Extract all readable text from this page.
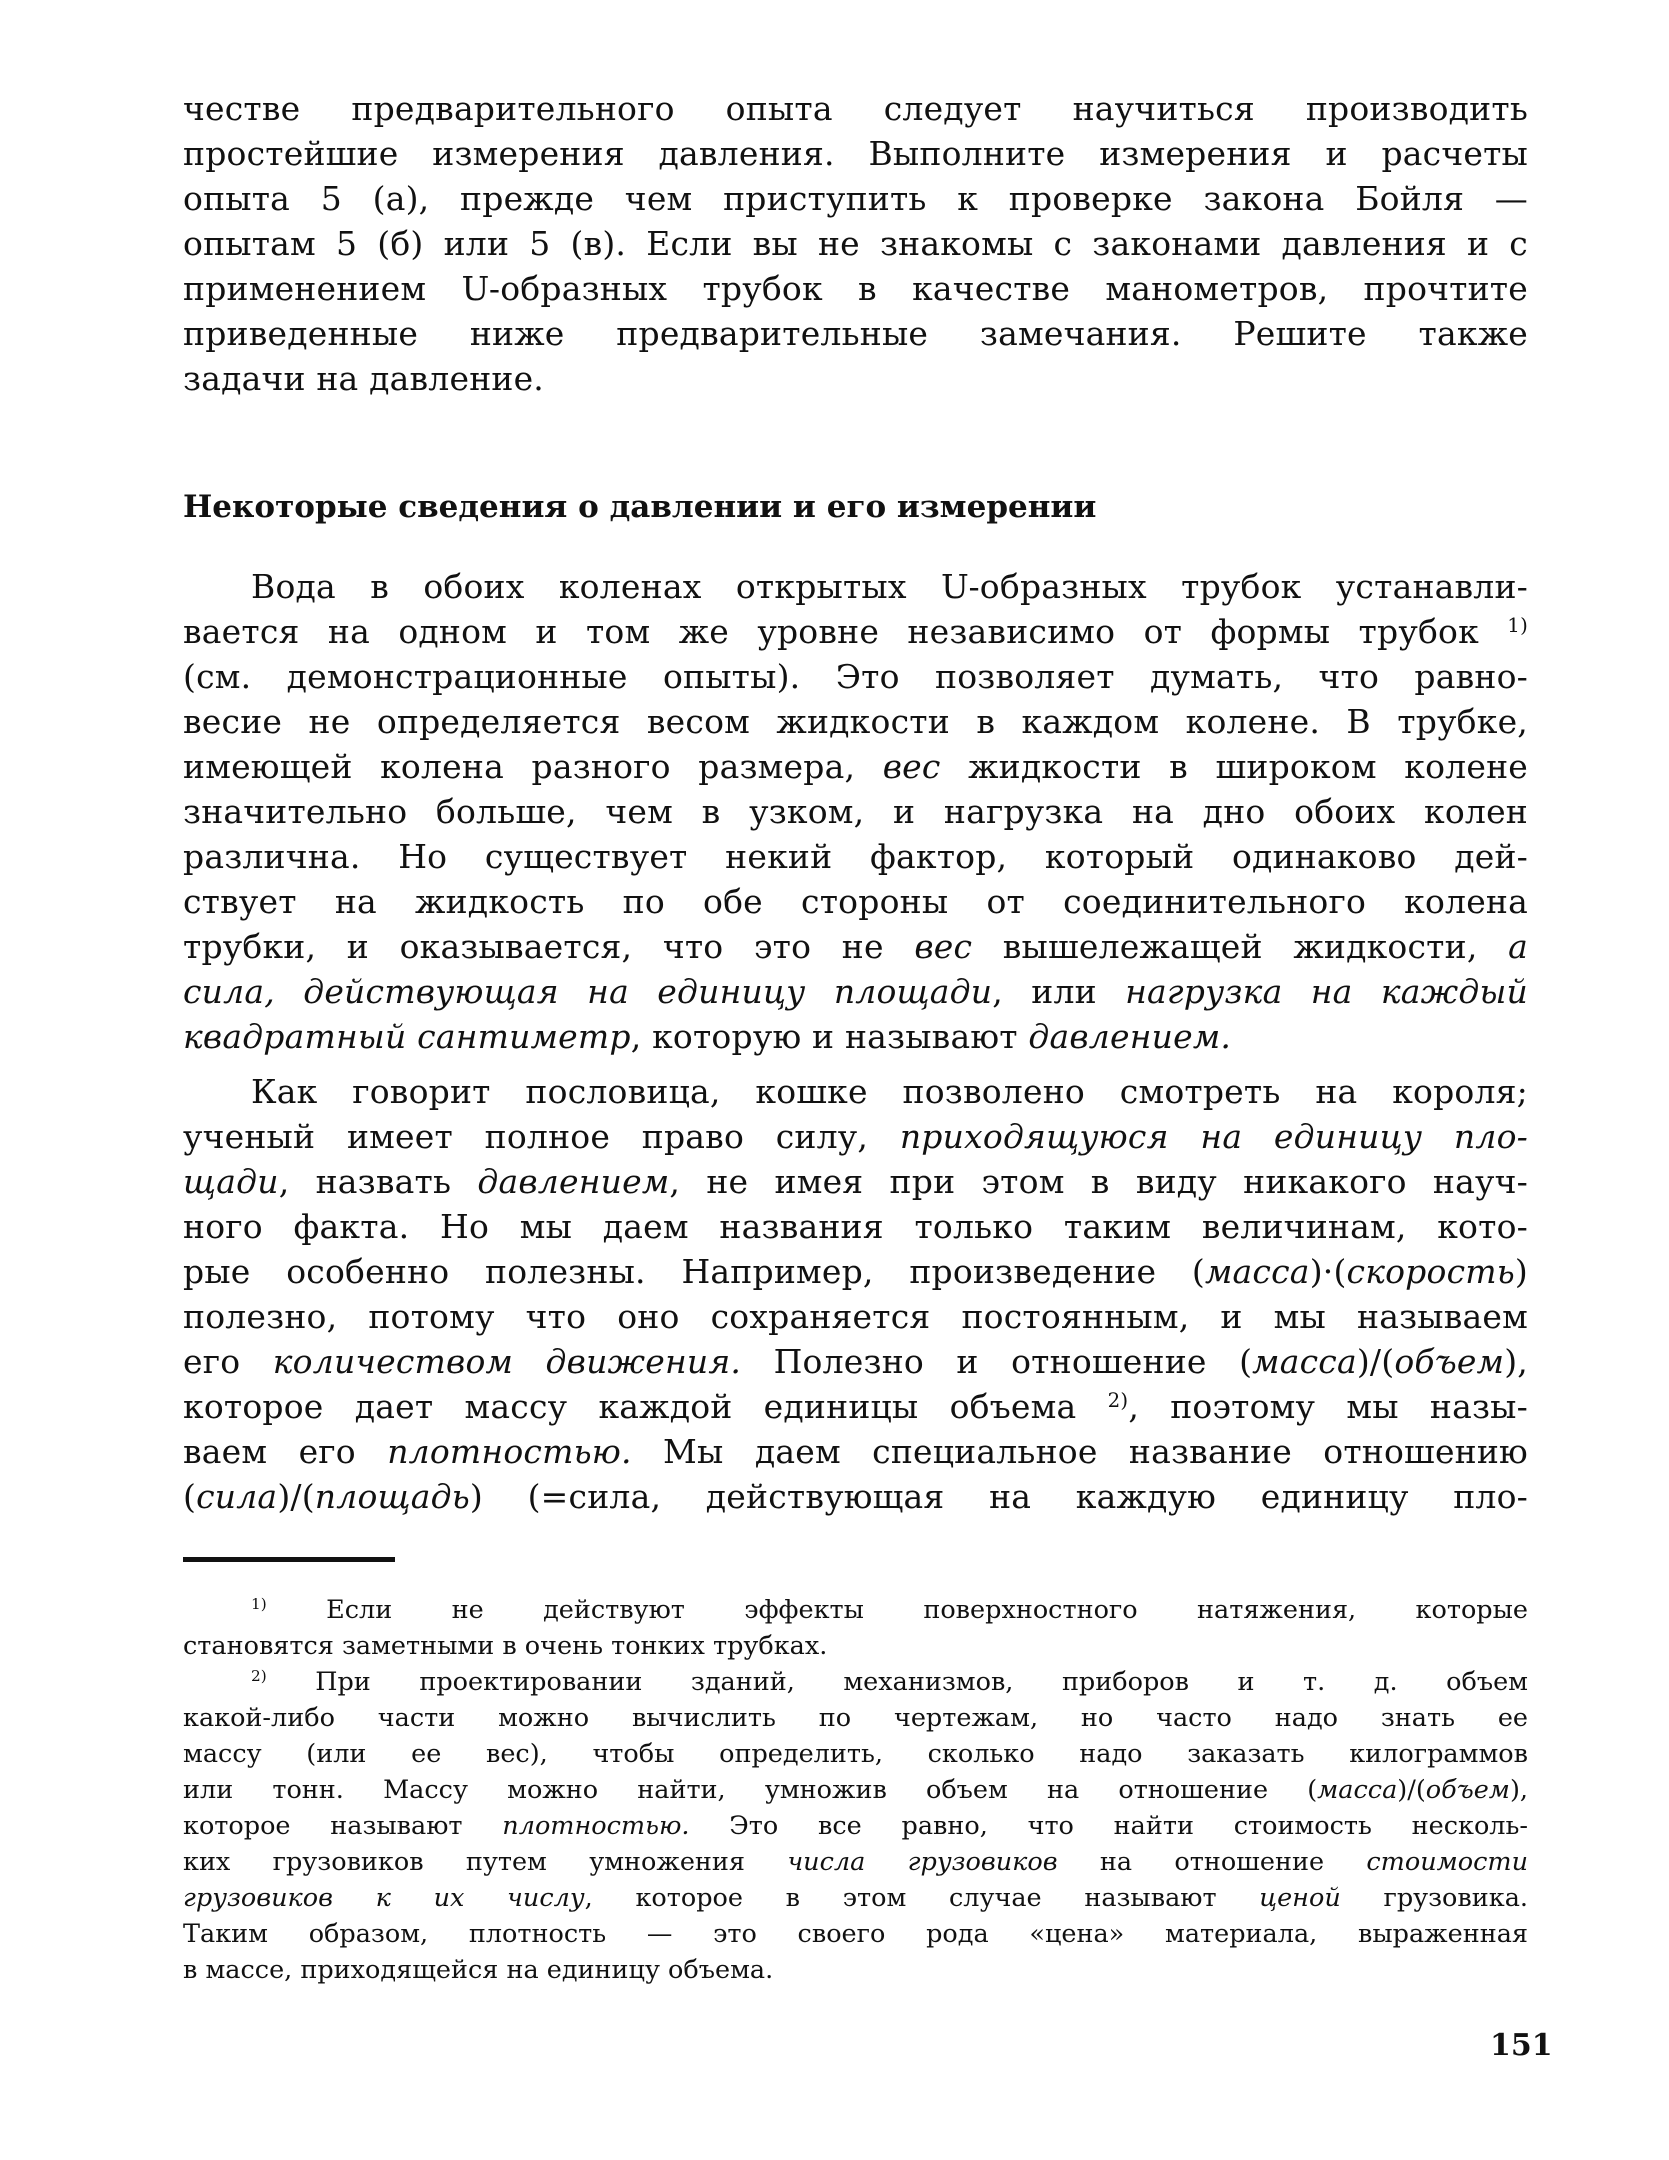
честве предварительного опыта следует научиться производить
простейшие измерения давления. Выполните измерения и расчеты
опыта 5 (а), прежде чем приступить к проверке закона Бойля —
опытам 5 (б) или 5 (в). Если вы не знакомы с законами давления и с
применением U-образных трубок в качестве манометров, прочтите
приведенные ниже предварительные замечания. Решите также
задачи на давление.
Некоторые сведения о давлении и его измерении
Вода в обоих коленах открытых U-образных трубок устанавли-
вается на одном и том же уровне независимо от формы трубок $^{1)}$
(см. демонстрационные опыты). Это позволяет думать, что равно-
весие не определяется весом жидкости в каждом колене. В трубке,
имеющей колена разного размера, вес жидкости в широком колене
значительно больше, чем в узком, и нагрузка на дно обоих колен
различна. Но существует некий фактор, который одинаково дей-
ствует на жидкость по обе стороны от соединительного колена
трубки, и оказывается, что это не вес вышележащей жидкости, а
сила, действующая на единицу площади, или нагрузка на каждый
квадратный сантиметр, которую и называют давлением.
Как говорит пословица, кошке позволено смотреть на короля;
ученый имеет полное право силу, приходящуюся на единицу пло-
щади, назвать давлением, не имея при этом в виду никакого науч-
ного факта. Но мы даем названия только таким величинам, кото-
рые особенно полезны. Например, произведение (масса)·(скорость)
полезно, потому что оно сохраняется постоянным, и мы называем
его количеством движения. Полезно и отношение (масса)/(объем),
которое дает массу каждой единицы объема $^{2)}$, поэтому мы назы-
ваем его плотностью. Мы даем специальное название отношению
(сила)/(площадь) (=сила, действующая на каждую единицу пло-
$^{1)}$ Если не действуют эффекты поверхностного натяжения, которые
становятся заметными в очень тонких трубках.
$^{2)}$ При проектировании зданий, механизмов, приборов и т. д. объем
какой-либо части можно вычислить по чертежам, но часто надо знать ее
массу (или ее вес), чтобы определить, сколько надо заказать килограммов
или тонн. Массу можно найти, умножив объем на отношение (масса)/(объем),
которое называют плотностью. Это все равно, что найти стоимость несколь-
ких грузовиков путем умножения числа грузовиков на отношение стоимости
грузовиков к их числу, которое в этом случае называют ценой грузовика.
Таким образом, плотность — это своего рода «цена» материала, выраженная
в массе, приходящейся на единицу объема.
151
